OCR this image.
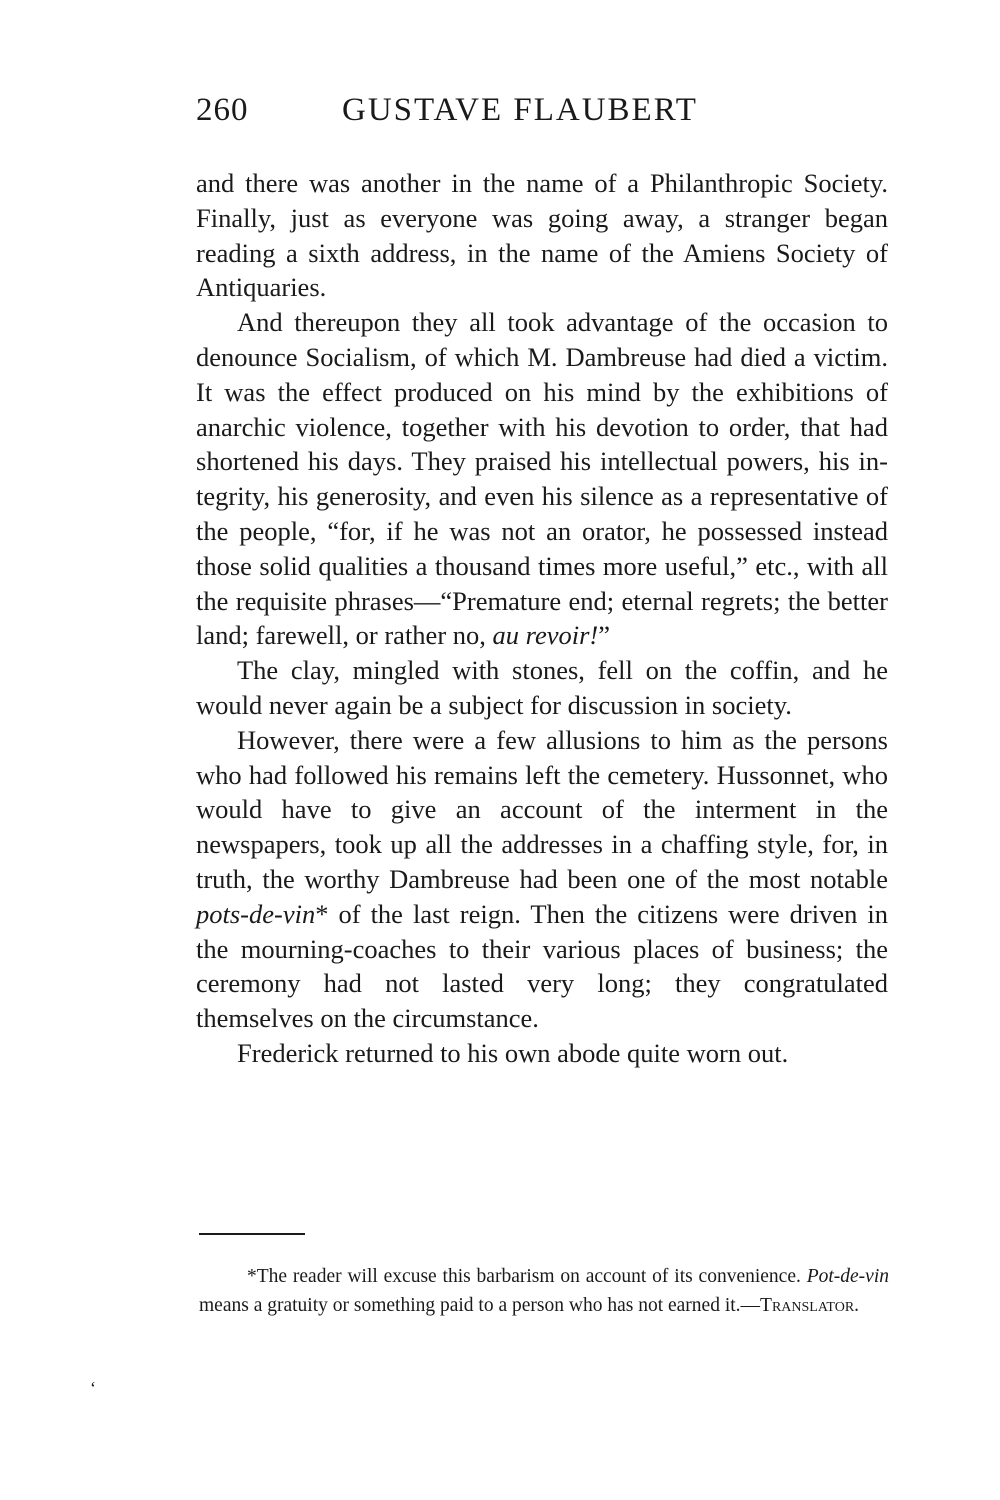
260	GUSTAVE FLAUBERT

and there was another in the name of a Philanthropic Society. Finally, just as everyone was going away, a stranger began reading a sixth address, in the name of the Amiens Society of Antiquaries.

And thereupon they all took advantage of the occasion to denounce Socialism, of which M. Dambreuse had died a victim. It was the effect produced on his mind by the exhibitions of anarchic violence, together with his devotion to order, that had shortened his days. They praised his intellectual powers, his integrity, his generosity, and even his silence as a representative of the people, “for, if he was not an orator, he possessed instead those solid qualities a thousand times more useful,” etc., with all the requisite phrases—“Premature end; eternal regrets; the better land; farewell, or rather no, au revoir!”

The clay, mingled with stones, fell on the coffin, and he would never again be a subject for discussion in society.

However, there were a few allusions to him as the persons who had followed his remains left the cemetery. Hussonnet, who would have to give an account of the interment in the newspapers, took up all the addresses in a chaffing style, for, in truth, the worthy Dambreuse had been one of the most notable pots-de-vin* of the last reign. Then the citizens were driven in the mourning-coaches to their various places of business; the ceremony had not lasted very long; they congratulated themselves on the circumstance.

Frederick returned to his own abode quite worn out.

*The reader will excuse this barbarism on account of its convenience. Pot-de-vin means a gratuity or something paid to a person who has not earned it.—Translator.
‘
